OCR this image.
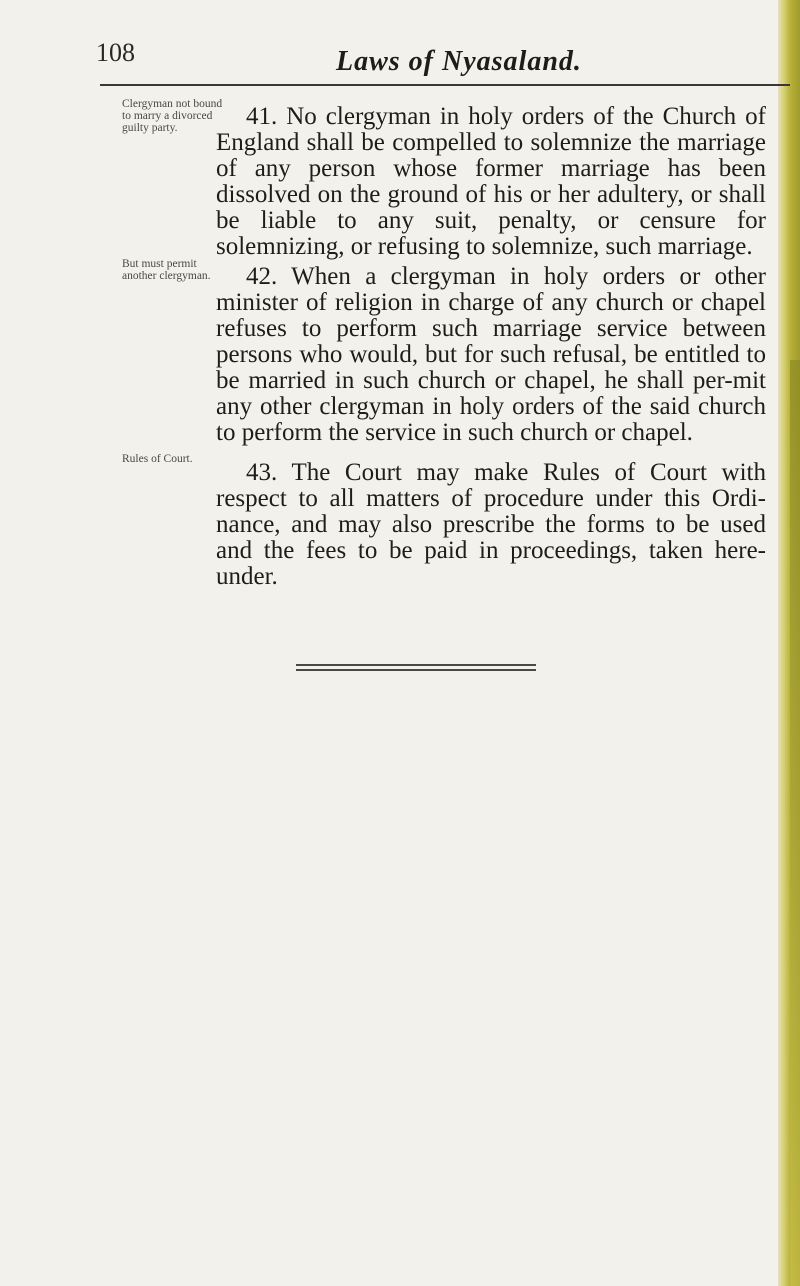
108	Laws of Nyasaland.
Clergyman not bound to marry a divorced guilty party.
But must permit another clergyman.
Rules of Court.
41. No clergyman in holy orders of the Church of England shall be compelled to solemnize the marriage of any person whose former marriage has been dissolved on the ground of his or her adultery, or shall be liable to any suit, penalty, or censure for solemnizing, or refusing to solemnize, such marriage.
42. When a clergyman in holy orders or other minister of religion in charge of any church or chapel refuses to perform such marriage service between persons who would, but for such refusal, be entitled to be married in such church or chapel, he shall per-mit any other clergyman in holy orders of the said church to perform the service in such church or chapel.
43. The Court may make Rules of Court with respect to all matters of procedure under this Ordi-nance, and may also prescribe the forms to be used and the fees to be paid in proceedings, taken here-under.
